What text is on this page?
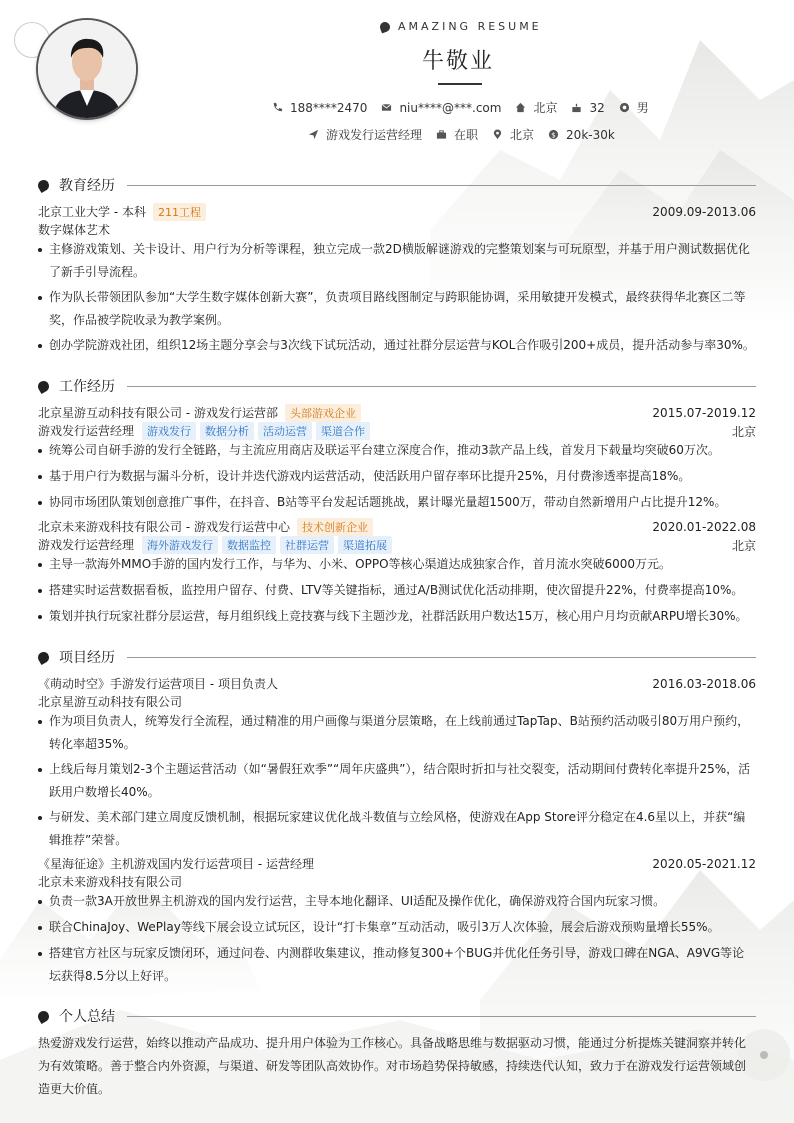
AMAZING RESUME
牛敬业
188****2470	niu****@***.com	北京	32	男
游戏发行运营经理	在职	北京 $ 20k-30k
教育经历
北京工业大学 - 本科 211工程	2009.09-2013.06
数字媒体艺术
主修游戏策划、关卡设计、用户行为分析等课程，独立完成一款2D横版解谜游戏的完整策划案与可玩原型，并基于用户测试数据优化了新手引导流程。
作为队长带领团队参加“大学生数字媒体创新大赛”，负责项目路线图制定与跨职能协调，采用敏捷开发模式，最终获得华北赛区二等奖，作品被学院收录为教学案例。
创办学院游戏社团，组织12场主题分享会与3次线下试玩活动，通过社群分层运营与KOL合作吸引200+成员，提升活动参与率30%。
工作经历
北京星游互动科技有限公司 - 游戏发行运营部 头部游戏企业	2015.07-2019.12
游戏发行运营经理 游戏发行 数据分析 活动运营 渠道合作	北京
统筹公司自研手游的发行全链路，与主流应用商店及联运平台建立深度合作，推动3款产品上线，首发月下载量均突破60万次。
基于用户行为数据与漏斗分析，设计并迭代游戏内运营活动，使活跃用户留存率环比提升25%，月付费渗透率提高18%。
协同市场团队策划创意推广事件，在抖音、B站等平台发起话题挑战，累计曝光量超1500万，带动自然新增用户占比提升12%。
北京未来游戏科技有限公司 - 游戏发行运营中心 技术创新企业	2020.01-2022.08
游戏发行运营经理 海外游戏发行 数据监控 社群运营 渠道拓展	北京
主导一款海外MMO手游的国内发行工作，与华为、小米、OPPO等核心渠道达成独家合作，首月流水突破6000万元。
搭建实时运营数据看板，监控用户留存、付费、LTV等关键指标，通过A/B测试优化活动排期，使次留提升22%，付费率提高10%。
策划并执行玩家社群分层运营，每月组织线上竞技赛与线下主题沙龙，社群活跃用户数达15万，核心用户月均贡献ARPU增长30%。
项目经历
《萌动时空》手游发行运营项目 - 项目负责人	2016.03-2018.06
北京星游互动科技有限公司
作为项目负责人，统筹发行全流程，通过精准的用户画像与渠道分层策略，在上线前通过TapTap、B站预约活动吸引80万用户预约，转化率超35%。
上线后每月策划2-3个主题运营活动（如“暑假狂欢季”“周年庆盛典”），结合限时折扣与社交裂变，活动期间付费转化率提升25%，活跃用户数增长40%。
与研发、美术部门建立周度反馈机制，根据玩家建议优化战斗数值与立绘风格，使游戏在App Store评分稳定在4.6星以上，并获“编辑推荐”荣誉。
《星海征途》主机游戏国内发行运营项目 - 运营经理	2020.05-2021.12
北京未来游戏科技有限公司
负责一款3A开放世界主机游戏的国内发行运营，主导本地化翻译、UI适配及操作优化，确保游戏符合国内玩家习惯。
联合ChinaJoy、WePlay等线下展会设立试玩区，设计“打卡集章”互动活动，吸引3万人次体验，展会后游戏预购量增长55%。
搭建官方社区与玩家反馈闭环，通过问卷、内测群收集建议，推动修复300+个BUG并优化任务引导，游戏口碑在NGA、A9VG等论坛获得8.5分以上好评。
个人总结
热爱游戏发行运营，始终以推动产品成功、提升用户体验为工作核心。具备战略思维与数据驱动习惯，能通过分析提炼关键洞察并转化为有效策略。善于整合内外资源，与渠道、研发等团队高效协作。对市场趋势保持敏感，持续迭代认知，致力于在游戏发行运营领域创造更大价值。
